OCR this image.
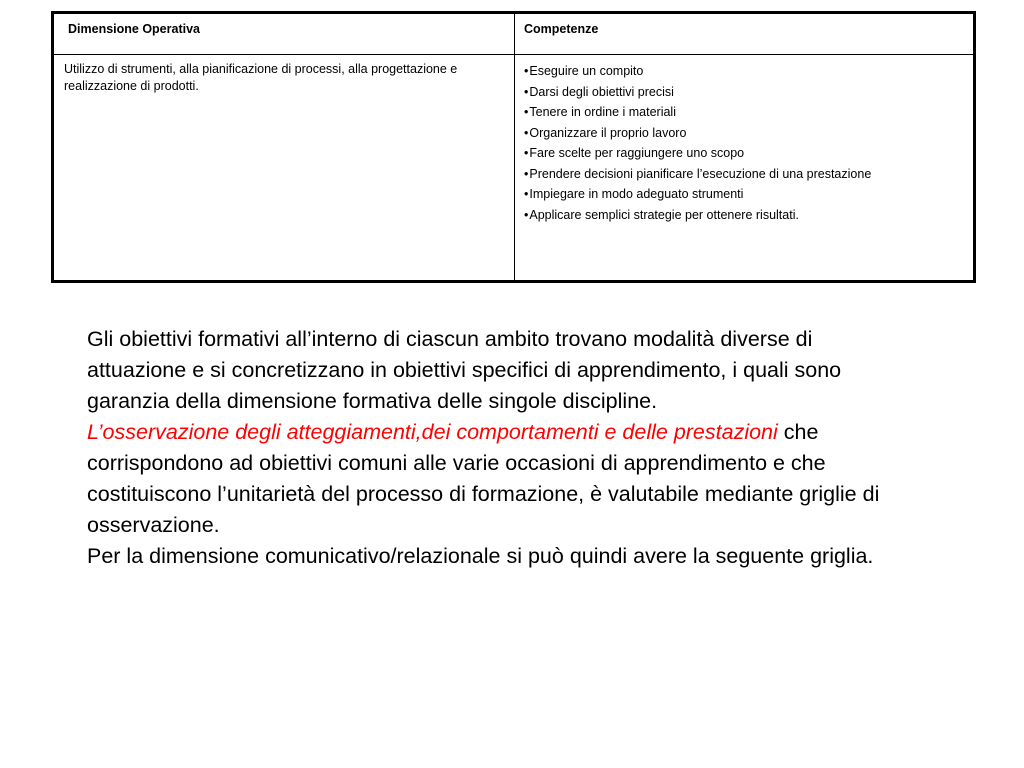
Dimensione Operativa	Competenze
Utilizzo di strumenti, alla pianificazione di processi, alla progettazione e realizzazione di prodotti.
•Eseguire un compito
•Darsi degli obiettivi precisi
•Tenere in ordine i materiali
•Organizzare il proprio lavoro
•Fare scelte per raggiungere uno scopo
•Prendere decisioni pianificare l’esecuzione di una prestazione
•Impiegare in modo adeguato strumenti
•Applicare semplici strategie per ottenere risultati.

Gli obiettivi formativi all’interno di ciascun ambito trovano modalità diverse di attuazione e si concretizzano in obiettivi specifici di apprendimento, i quali sono garanzia della dimensione formativa delle singole discipline.

L’osservazione degli atteggiamenti,dei comportamenti e delle prestazioni che corrispondono ad obiettivi comuni alle varie occasioni di apprendimento e che costituiscono l’unitarietà del processo di formazione, è valutabile mediante griglie di osservazione.

Per la dimensione comunicativo/relazionale si può quindi avere la seguente griglia.
